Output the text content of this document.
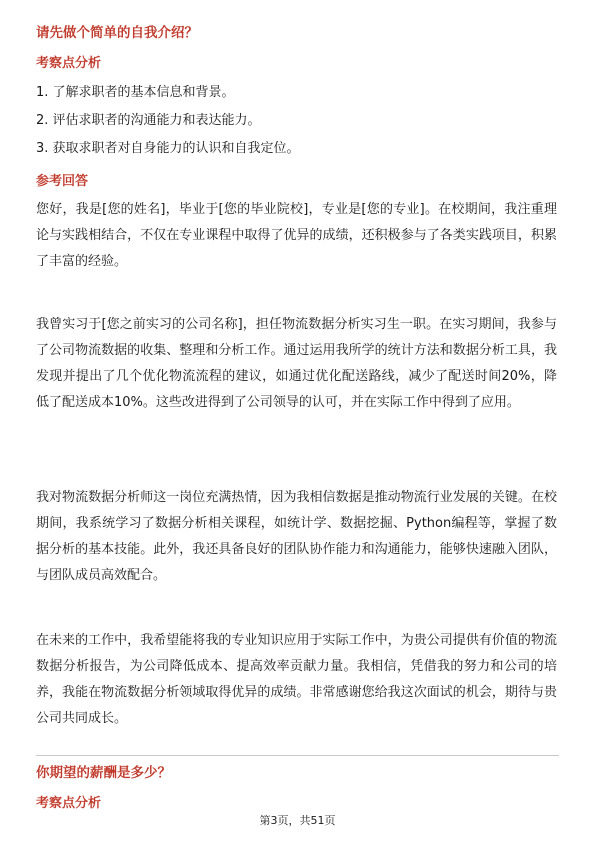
请先做个简单的自我介绍？
考察点分析
1. 了解求职者的基本信息和背景。
2. 评估求职者的沟通能力和表达能力。
3. 获取求职者对自身能力的认识和自我定位。
参考回答
您好，我是[您的姓名]，毕业于[您的毕业院校]，专业是[您的专业]。在校期间，我注重理论与实践相结合，不仅在专业课程中取得了优异的成绩，还积极参与了各类实践项目，积累了丰富的经验。
我曾实习于[您之前实习的公司名称]，担任物流数据分析实习生一职。在实习期间，我参与了公司物流数据的收集、整理和分析工作。通过运用我所学的统计方法和数据分析工具，我发现并提出了几个优化物流流程的建议，如通过优化配送路线，减少了配送时间20%，降低了配送成本10%。这些改进得到了公司领导的认可，并在实际工作中得到了应用。
我对物流数据分析师这一岗位充满热情，因为我相信数据是推动物流行业发展的关键。在校期间，我系统学习了数据分析相关课程，如统计学、数据挖掘、Python编程等，掌握了数据分析的基本技能。此外，我还具备良好的团队协作能力和沟通能力，能够快速融入团队，与团队成员高效配合。
在未来的工作中，我希望能将我的专业知识应用于实际工作中，为贵公司提供有价值的物流数据分析报告，为公司降低成本、提高效率贡献力量。我相信，凭借我的努力和公司的培养，我能在物流数据分析领域取得优异的成绩。非常感谢您给我这次面试的机会，期待与贵公司共同成长。
你期望的薪酬是多少？
考察点分析
第3页，共51页
